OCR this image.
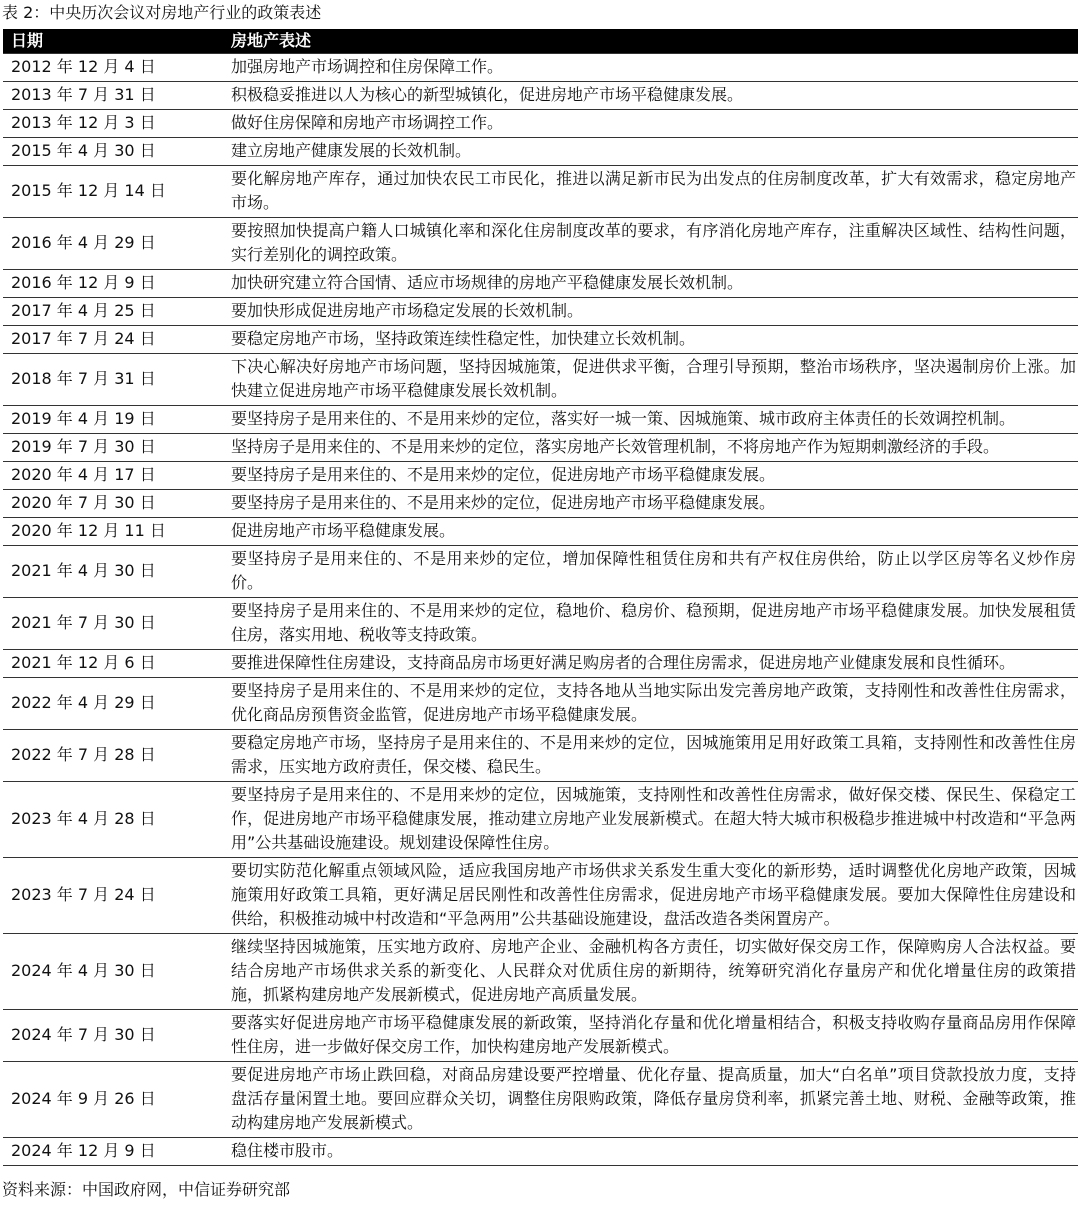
表 2：中央历次会议对房地产行业的政策表述
日期	房地产表述
2012 年 12 月 4 日	加强房地产市场调控和住房保障工作。
2013 年 7 月 31 日	积极稳妥推进以人为核心的新型城镇化，促进房地产市场平稳健康发展。
2013 年 12 月 3 日	做好住房保障和房地产市场调控工作。
2015 年 4 月 30 日	建立房地产健康发展的长效机制。
2015 年 12 月 14 日	要化解房地产库存，通过加快农民工市民化，推进以满足新市民为出发点的住房制度改革，扩大有效需求，稳定房地产市场。
2016 年 4 月 29 日	要按照加快提高户籍人口城镇化率和深化住房制度改革的要求，有序消化房地产库存，注重解决区域性、结构性问题，实行差别化的调控政策。
2016 年 12 月 9 日	加快研究建立符合国情、适应市场规律的房地产平稳健康发展长效机制。
2017 年 4 月 25 日	要加快形成促进房地产市场稳定发展的长效机制。
2017 年 7 月 24 日	要稳定房地产市场，坚持政策连续性稳定性，加快建立长效机制。
2018 年 7 月 31 日	下决心解决好房地产市场问题，坚持因城施策，促进供求平衡，合理引导预期，整治市场秩序，坚决遏制房价上涨。加快建立促进房地产市场平稳健康发展长效机制。
2019 年 4 月 19 日	要坚持房子是用来住的、不是用来炒的定位，落实好一城一策、因城施策、城市政府主体责任的长效调控机制。
2019 年 7 月 30 日	坚持房子是用来住的、不是用来炒的定位，落实房地产长效管理机制，不将房地产作为短期刺激经济的手段。
2020 年 4 月 17 日	要坚持房子是用来住的、不是用来炒的定位，促进房地产市场平稳健康发展。
2020 年 7 月 30 日	要坚持房子是用来住的、不是用来炒的定位，促进房地产市场平稳健康发展。
2020 年 12 月 11 日	促进房地产市场平稳健康发展。
2021 年 4 月 30 日	要坚持房子是用来住的、不是用来炒的定位，增加保障性租赁住房和共有产权住房供给，防止以学区房等名义炒作房价。
2021 年 7 月 30 日	要坚持房子是用来住的、不是用来炒的定位，稳地价、稳房价、稳预期，促进房地产市场平稳健康发展。加快发展租赁住房，落实用地、税收等支持政策。
2021 年 12 月 6 日	要推进保障性住房建设，支持商品房市场更好满足购房者的合理住房需求，促进房地产业健康发展和良性循环。
2022 年 4 月 29 日	要坚持房子是用来住的、不是用来炒的定位，支持各地从当地实际出发完善房地产政策，支持刚性和改善性住房需求，优化商品房预售资金监管，促进房地产市场平稳健康发展。
2022 年 7 月 28 日	要稳定房地产市场，坚持房子是用来住的、不是用来炒的定位，因城施策用足用好政策工具箱，支持刚性和改善性住房需求，压实地方政府责任，保交楼、稳民生。
2023 年 4 月 28 日	要坚持房子是用来住的、不是用来炒的定位，因城施策，支持刚性和改善性住房需求，做好保交楼、保民生、保稳定工作，促进房地产市场平稳健康发展，推动建立房地产业发展新模式。在超大特大城市积极稳步推进城中村改造和“平急两用”公共基础设施建设。规划建设保障性住房。
2023 年 7 月 24 日	要切实防范化解重点领域风险，适应我国房地产市场供求关系发生重大变化的新形势，适时调整优化房地产政策，因城施策用好政策工具箱，更好满足居民刚性和改善性住房需求，促进房地产市场平稳健康发展。要加大保障性住房建设和供给，积极推动城中村改造和“平急两用”公共基础设施建设，盘活改造各类闲置房产。
2024 年 4 月 30 日	继续坚持因城施策，压实地方政府、房地产企业、金融机构各方责任，切实做好保交房工作，保障购房人合法权益。要结合房地产市场供求关系的新变化、人民群众对优质住房的新期待，统筹研究消化存量房产和优化增量住房的政策措施，抓紧构建房地产发展新模式，促进房地产高质量发展。
2024 年 7 月 30 日	要落实好促进房地产市场平稳健康发展的新政策，坚持消化存量和优化增量相结合，积极支持收购存量商品房用作保障性住房，进一步做好保交房工作，加快构建房地产发展新模式。
2024 年 9 月 26 日	要促进房地产市场止跌回稳，对商品房建设要严控增量、优化存量、提高质量，加大“白名单”项目贷款投放力度，支持盘活存量闲置土地。要回应群众关切，调整住房限购政策，降低存量房贷利率，抓紧完善土地、财税、金融等政策，推动构建房地产发展新模式。
2024 年 12 月 9 日	稳住楼市股市。
资料来源：中国政府网，中信证券研究部
